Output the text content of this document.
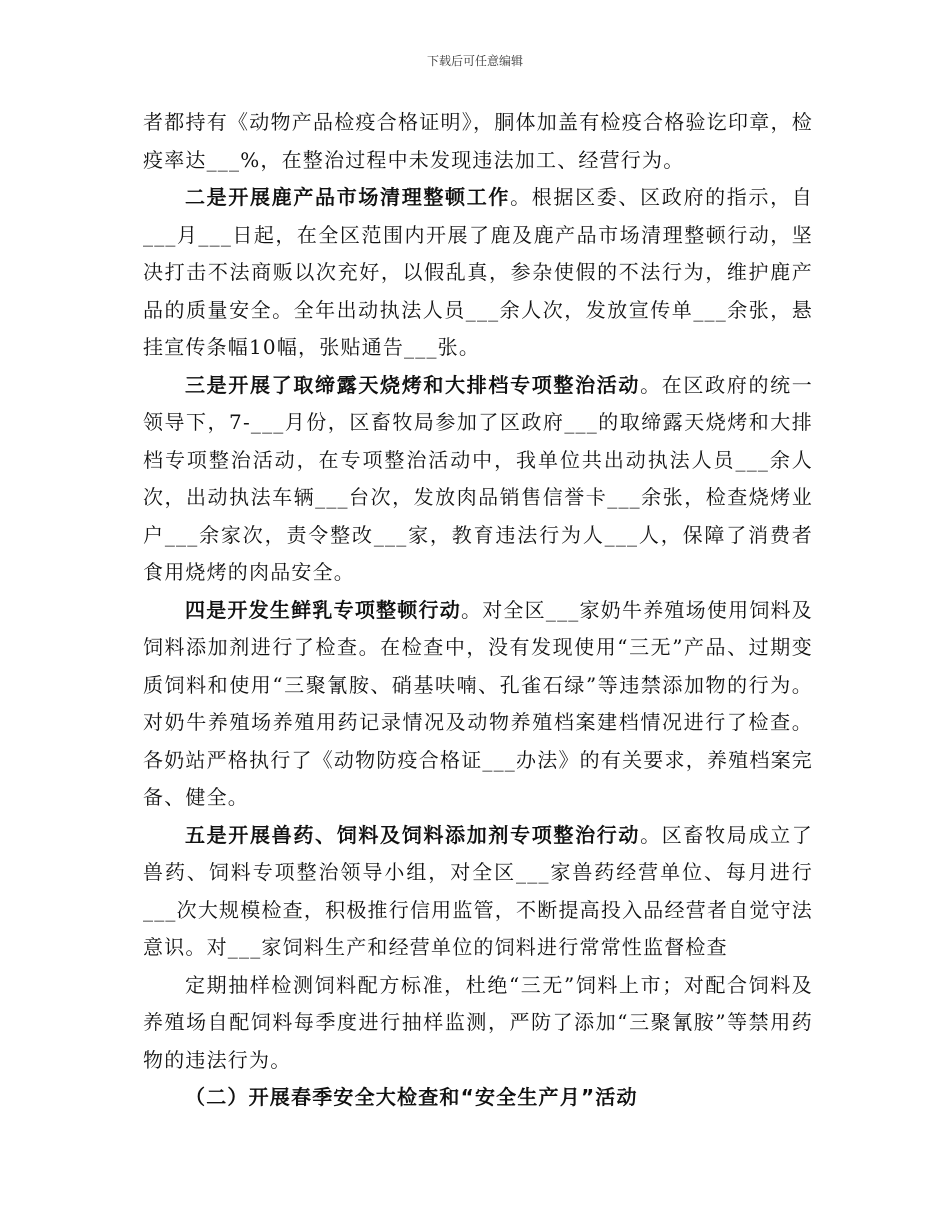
下载后可任意编辑

者都持有《动物产品检疫合格证明》，胴体加盖有检疫合格验讫印章，检疫率达___%，在整治过程中未发现违法加工、经营行为。

二是开展鹿产品市场清理整顿工作。根据区委、区政府的指示，自___月___日起，在全区范围内开展了鹿及鹿产品市场清理整顿行动，坚决打击不法商贩以次充好，以假乱真，参杂使假的不法行为，维护鹿产品的质量安全。全年出动执法人员___余人次，发放宣传单___余张，悬挂宣传条幅10幅，张贴通告___张。

三是开展了取缔露天烧烤和大排档专项整治活动。在区政府的统一领导下，7-___月份，区畜牧局参加了区政府___的取缔露天烧烤和大排档专项整治活动，在专项整治活动中，我单位共出动执法人员___余人次，出动执法车辆___台次，发放肉品销售信誉卡___余张，检查烧烤业户___余家次，责令整改___家，教育违法行为人___人，保障了消费者食用烧烤的肉品安全。

四是开发生鲜乳专项整顿行动。对全区___家奶牛养殖场使用饲料及饲料添加剂进行了检查。在检查中，没有发现使用“三无”产品、过期变质饲料和使用“三聚氰胺、硝基呋喃、孔雀石绿”等违禁添加物的行为。对奶牛养殖场养殖用药记录情况及动物养殖档案建档情况进行了检查。各奶站严格执行了《动物防疫合格证___办法》的有关要求，养殖档案完备、健全。

五是开展兽药、饲料及饲料添加剂专项整治行动。区畜牧局成立了兽药、饲料专项整治领导小组，对全区___家兽药经营单位、每月进行___次大规模检查，积极推行信用监管，不断提高投入品经营者自觉守法意识。对___家饲料生产和经营单位的饲料进行常常性监督检查

定期抽样检测饲料配方标准，杜绝“三无”饲料上市；对配合饲料及养殖场自配饲料每季度进行抽样监测，严防了添加“三聚氰胺”等禁用药物的违法行为。

（二）开展春季安全大检查和“安全生产月”活动
